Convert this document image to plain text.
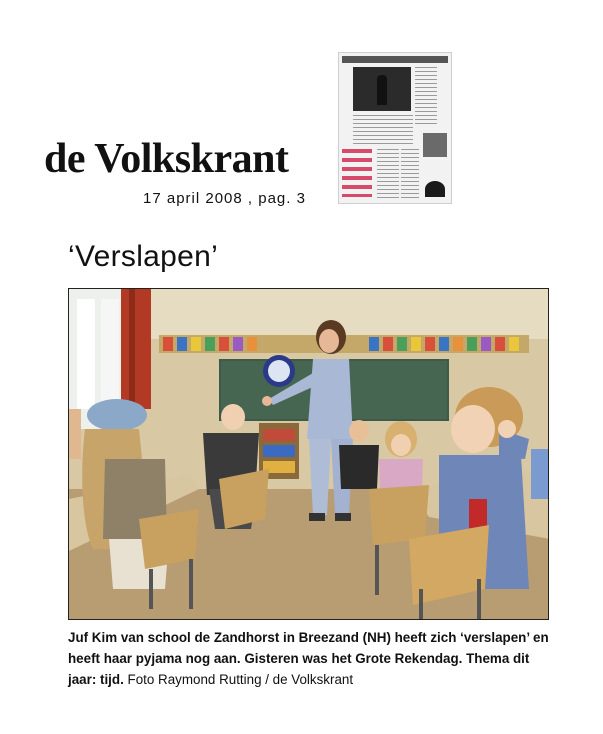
de Volkskrant
17 april 2008 , pag. 3
‘Verslapen’
Juf Kim van school de Zandhorst in Breezand (NH) heeft zich ‘verslapen’ en heeft haar pyjama nog aan. Gisteren was het Grote Rekendag. Thema dit jaar: tijd. Foto Raymond Rutting / de Volkskrant
